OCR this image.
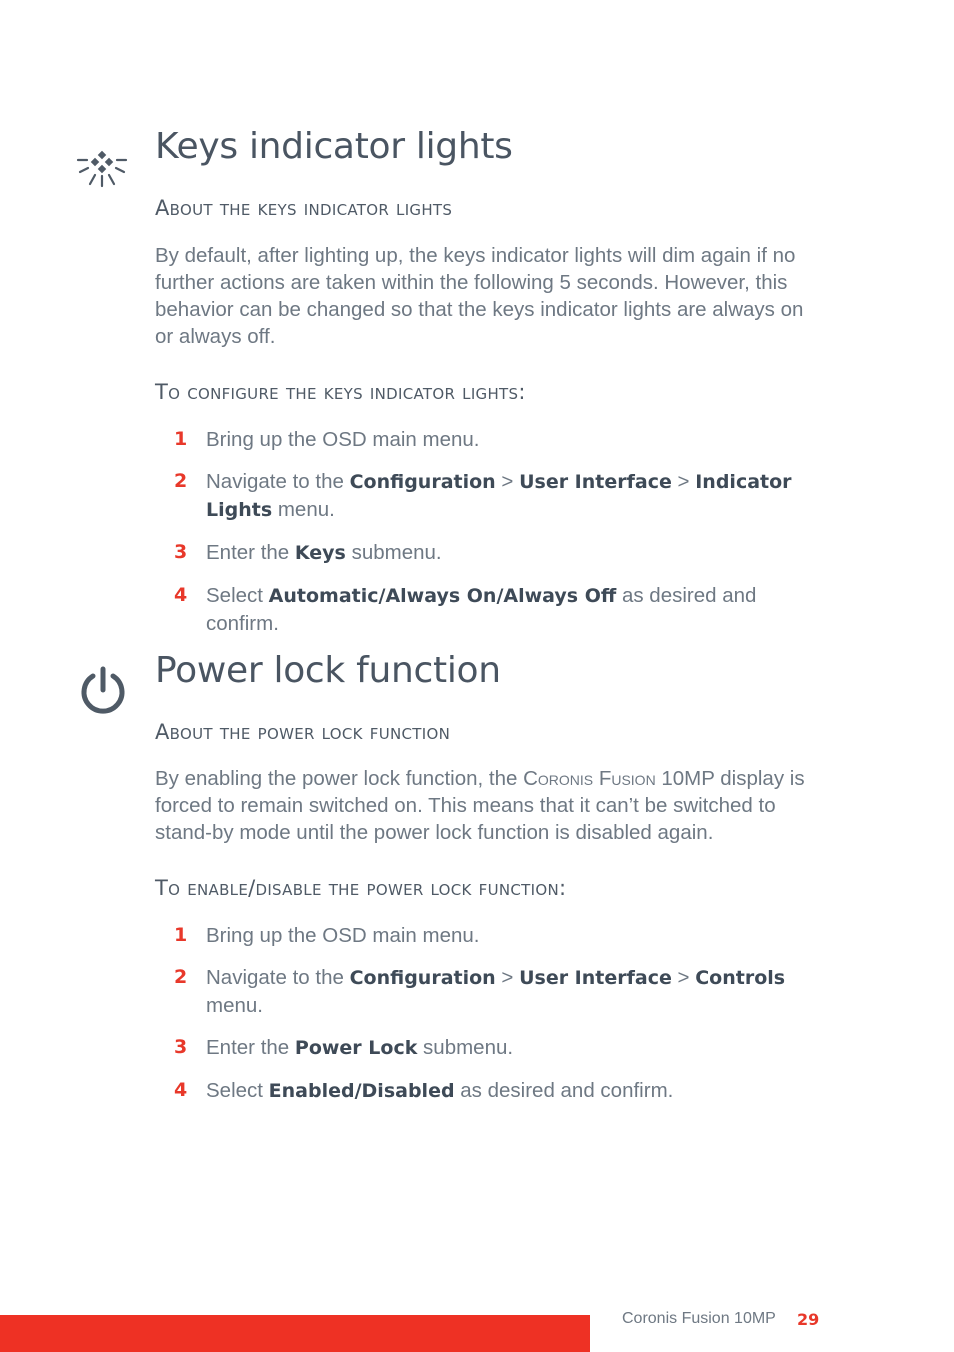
Keys indicator lights
About the keys indicator lights

By default, after lighting up, the keys indicator lights will dim again if no further actions are taken within the following 5 seconds. However, this behavior can be changed so that the keys indicator lights are always on or always off.

To configure the keys indicator lights:
1 Bring up the OSD main menu.
2 Navigate to the Configuration > User Interface > Indicator Lights menu.
3 Enter the Keys submenu.
4 Select Automatic/Always On/Always Off as desired and confirm.
Power lock function
About the power lock function

By enabling the power lock function, the Coronis Fusion 10MP display is forced to remain switched on. This means that it can’t be switched to stand-by mode until the power lock function is disabled again.

To enable/disable the power lock function:
1 Bring up the OSD main menu.
2 Navigate to the Configuration > User Interface > Controls menu.
3 Enter the Power Lock submenu.
4 Select Enabled/Disabled as desired and confirm.
Coronis Fusion 10MP 29
